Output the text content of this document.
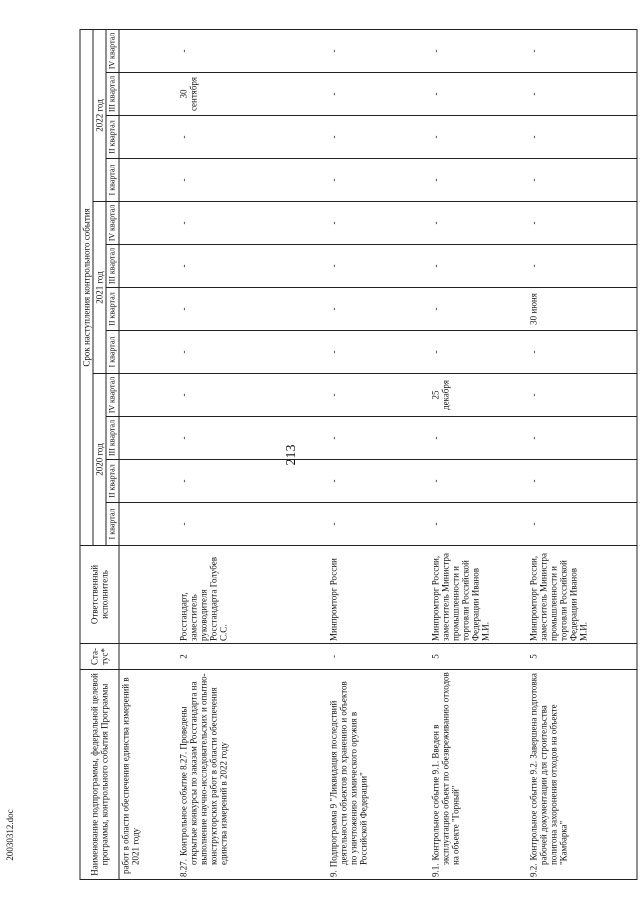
213
20030312.doc	Наименование подпрограммы, федеральной целевой программы, контрольного события Программы	Ста-тус*	Ответственный исполнитель	Срок наступления контрольного события											
			2020 год				2021 год				2022 год			
			I квартал	II квартал	III квартал	IV квартал	I квартал	II квартал	III квартал	IV квартал	I квартал	II квартал	III квартал	IV квартал
работ в области обеспечения единства измерений в 2021 году														
8.27.Контрольное событие 8.27. Проведены открытые конкурсы по заказам Росстандарта на выполнение научно-исследовательских и опытно-конструкторских работ в области обеспечения единства измерений в 2022 году	2	Росстандарт, заместитель руководителя Росстандарта Голубев С.С.	-	-	-	-	-	-	-	-	-	-	30 сентября	-
9.Подпрограмма 9 "Ликвидация последствий деятельности объектов по хранению и объектов по уничтожению химического оружия в Российской Федерации"	-	Минпромторг России	-	-	-	-	-	-	-	-	-	-	-	-
9.1.Контрольное событие 9.1. Введен в эксплуатацию объект по обезвреживанию отходов на объекте "Горный"	5	Минпромторг России, заместитель Министра промышленности и торговли Российской Федерации Иванов М.И.	-	-	-	25 декабря	-	-	-	-	-	-	-	-
9.2.Контрольное событие 9.2. Завершена подготовка рабочей документации для строительства полигона захоронения отходов на объекте "Камбарка"	5	Минпромторг России, заместитель Министра промышленности и торговли Российской Федерации Иванов М.И.	-	-	-	-	-	30 июня	-	-	-	-	-	-
